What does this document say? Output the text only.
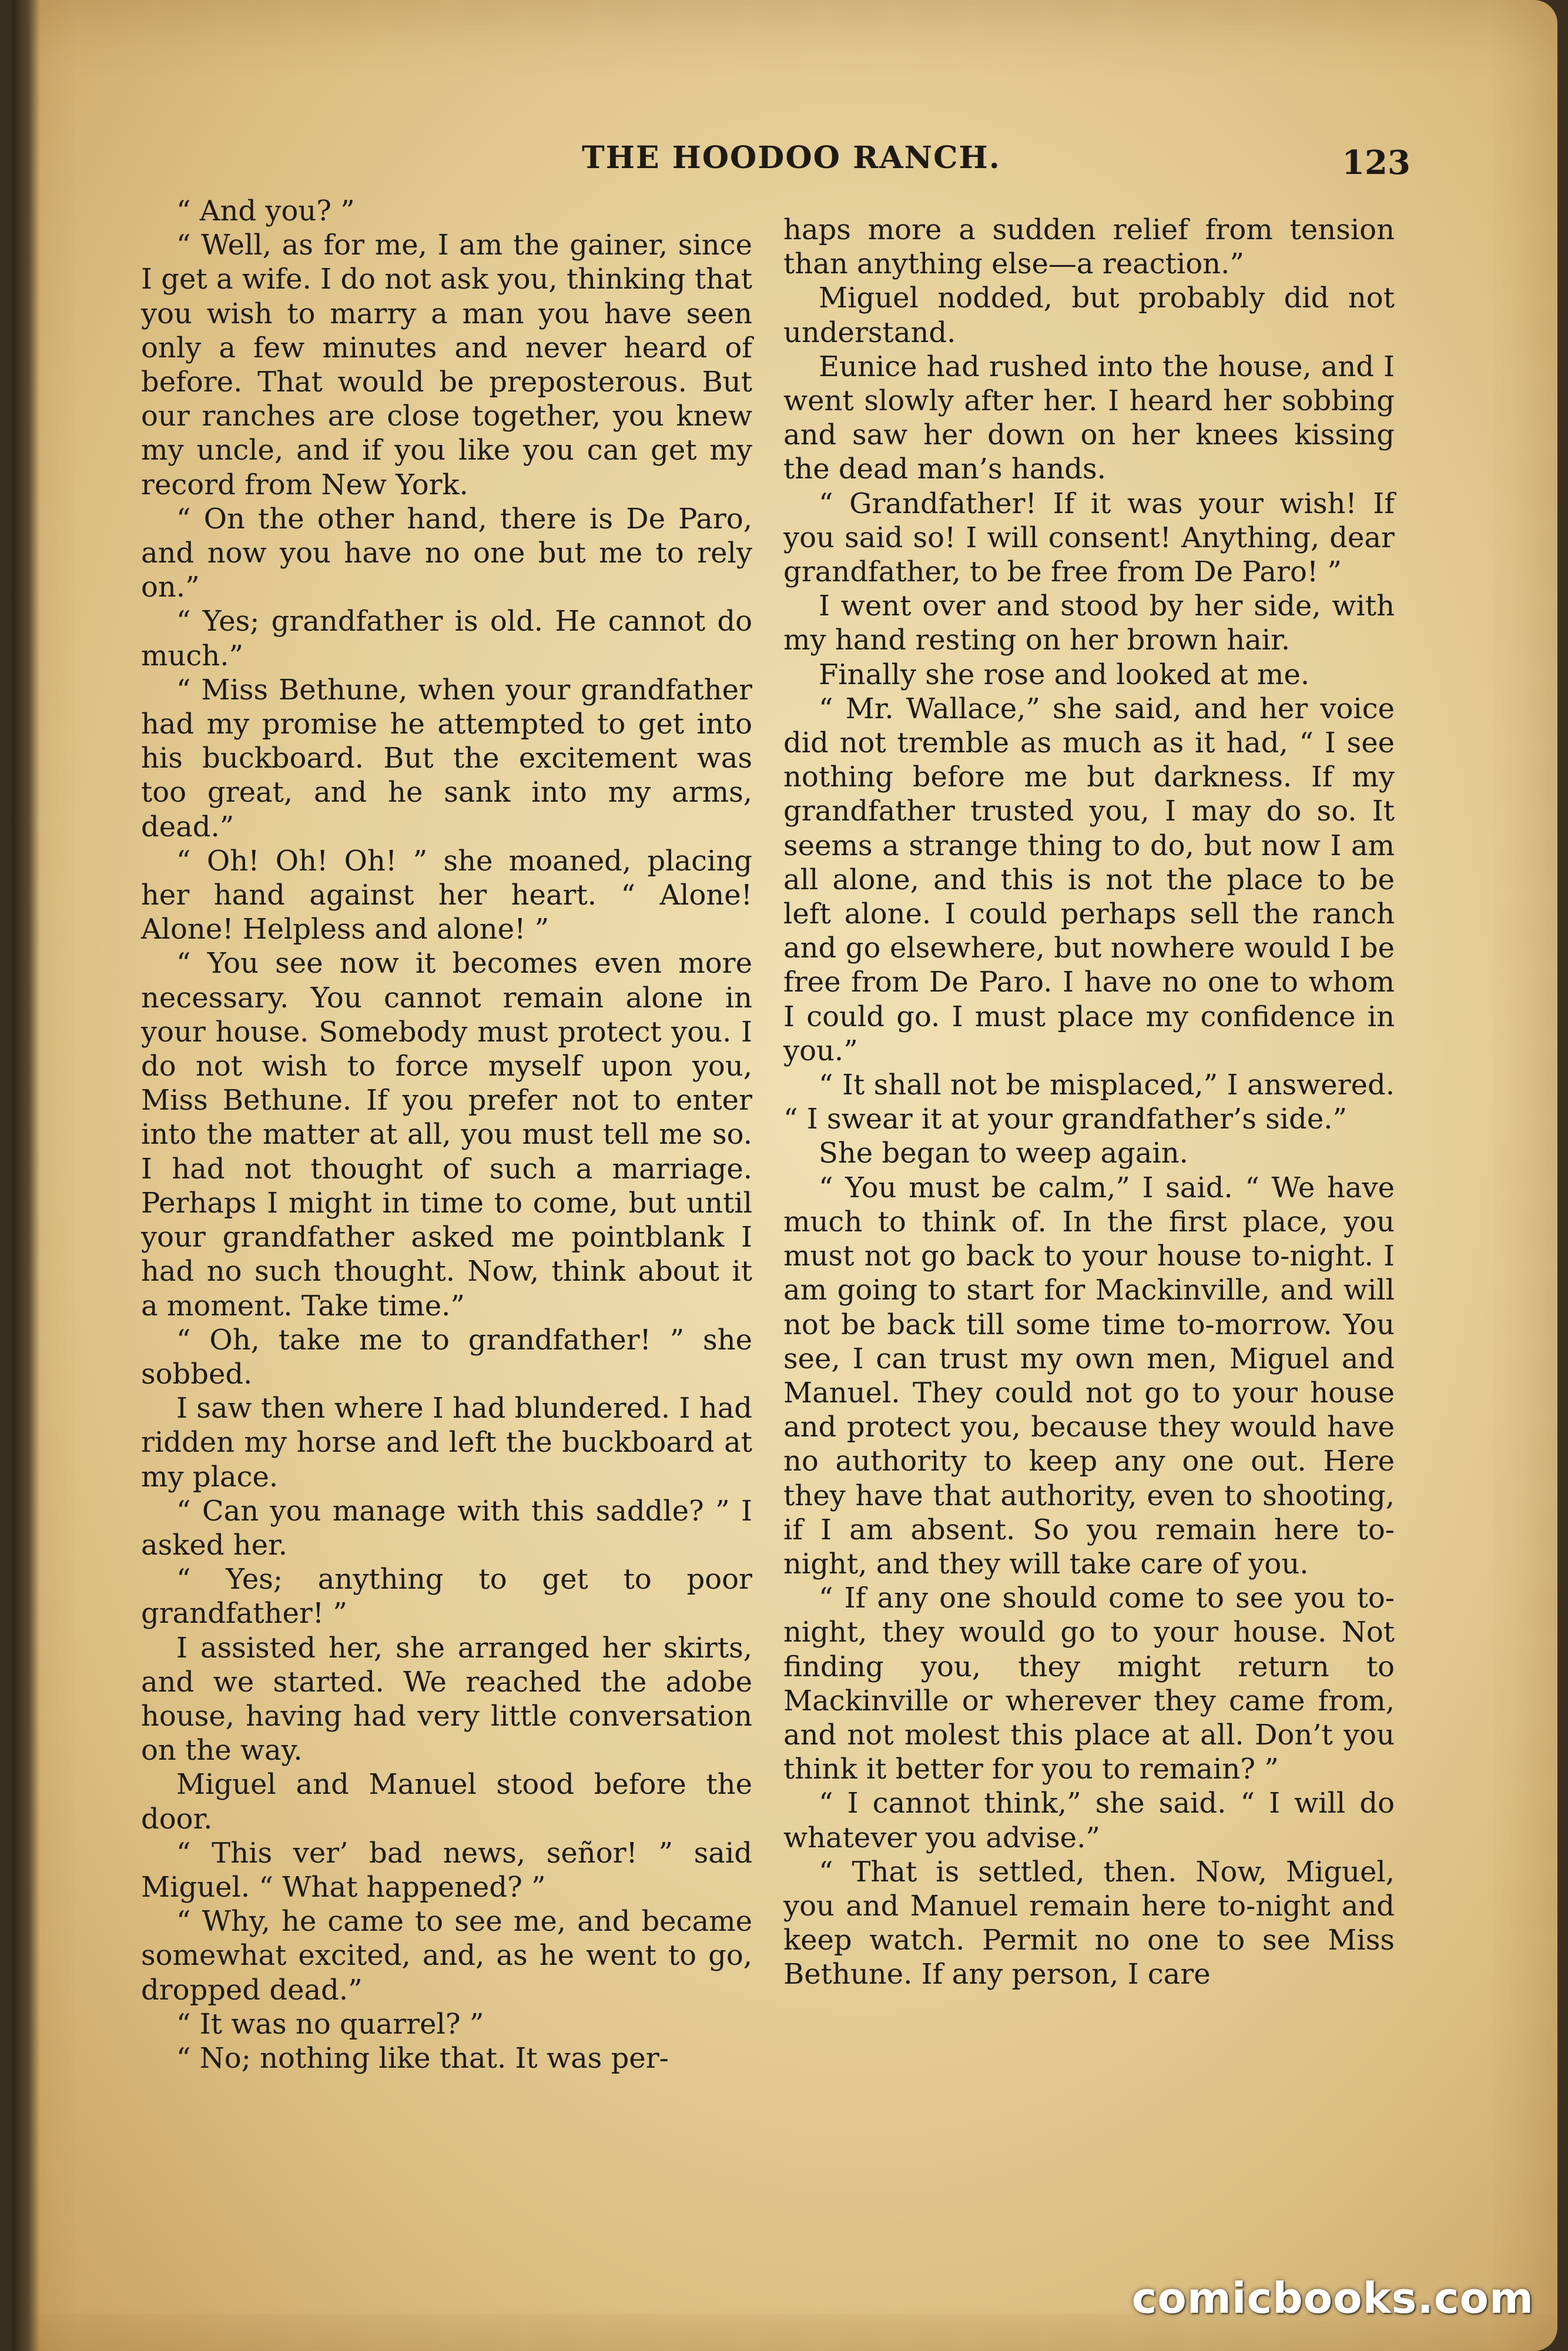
THE HOODOO RANCH.	123

“ And you? ”

“ Well, as for me, I am the gainer, since I get a wife. I do not ask you, thinking that you wish to marry a man you have seen only a few minutes and never heard of before. That would be preposterous. But our ranches are close together, you knew my uncle, and if you like you can get my record from New York.

“ On the other hand, there is De Paro, and now you have no one but me to rely on.”

“ Yes; grandfather is old. He cannot do much.”

“ Miss Bethune, when your grandfather had my promise he attempted to get into his buckboard. But the excitement was too great, and he sank into my arms, dead.”

“ Oh! Oh! Oh! ” she moaned, placing her hand against her heart. “ Alone! Alone! Helpless and alone! ”

“ You see now it becomes even more necessary. You cannot remain alone in your house. Somebody must protect you. I do not wish to force myself upon you, Miss Bethune. If you prefer not to enter into the matter at all, you must tell me so. I had not thought of such a marriage. Perhaps I might in time to come, but until your grandfather asked me pointblank I had no such thought. Now, think about it a moment. Take time.”

“ Oh, take me to grandfather! ” she sobbed.

I saw then where I had blundered. I had ridden my horse and left the buckboard at my place.

“ Can you manage with this saddle? ” I asked her.

“ Yes; anything to get to poor grandfather! ”

I assisted her, she arranged her skirts, and we started. We reached the adobe house, having had very little conversation on the way.

Miguel and Manuel stood before the door.

“ This ver’ bad news, señor! ” said Miguel. “ What happened? ”

“ Why, he came to see me, and became somewhat excited, and, as he went to go, dropped dead.”

“ It was no quarrel? ”

“ No; nothing like that. It was per-

haps more a sudden relief from tension than anything else—a reaction.”

Miguel nodded, but probably did not understand.

Eunice had rushed into the house, and I went slowly after her. I heard her sobbing and saw her down on her knees kissing the dead man’s hands.

“ Grandfather! If it was your wish! If you said so! I will consent! Anything, dear grandfather, to be free from De Paro! ”

I went over and stood by her side, with my hand resting on her brown hair.

Finally she rose and looked at me.

“ Mr. Wallace,” she said, and her voice did not tremble as much as it had, “ I see nothing before me but darkness. If my grandfather trusted you, I may do so. It seems a strange thing to do, but now I am all alone, and this is not the place to be left alone. I could perhaps sell the ranch and go elsewhere, but nowhere would I be free from De Paro. I have no one to whom I could go. I must place my confidence in you.”

“ It shall not be misplaced,” I answered. “ I swear it at your grandfather’s side.”

She began to weep again.

“ You must be calm,” I said. “ We have much to think of. In the first place, you must not go back to your house to-night. I am going to start for Mackinville, and will not be back till some time to-morrow. You see, I can trust my own men, Miguel and Manuel. They could not go to your house and protect you, because they would have no authority to keep any one out. Here they have that authority, even to shooting, if I am absent. So you remain here to-night, and they will take care of you.

“ If any one should come to see you to-night, they would go to your house. Not finding you, they might return to Mackinville or wherever they came from, and not molest this place at all. Don’t you think it better for you to remain? ”

“ I cannot think,” she said. “ I will do whatever you advise.”

“ That is settled, then. Now, Miguel, you and Manuel remain here to-night and keep watch. Permit no one to see Miss Bethune. If any person, I care

comicbooks.com
